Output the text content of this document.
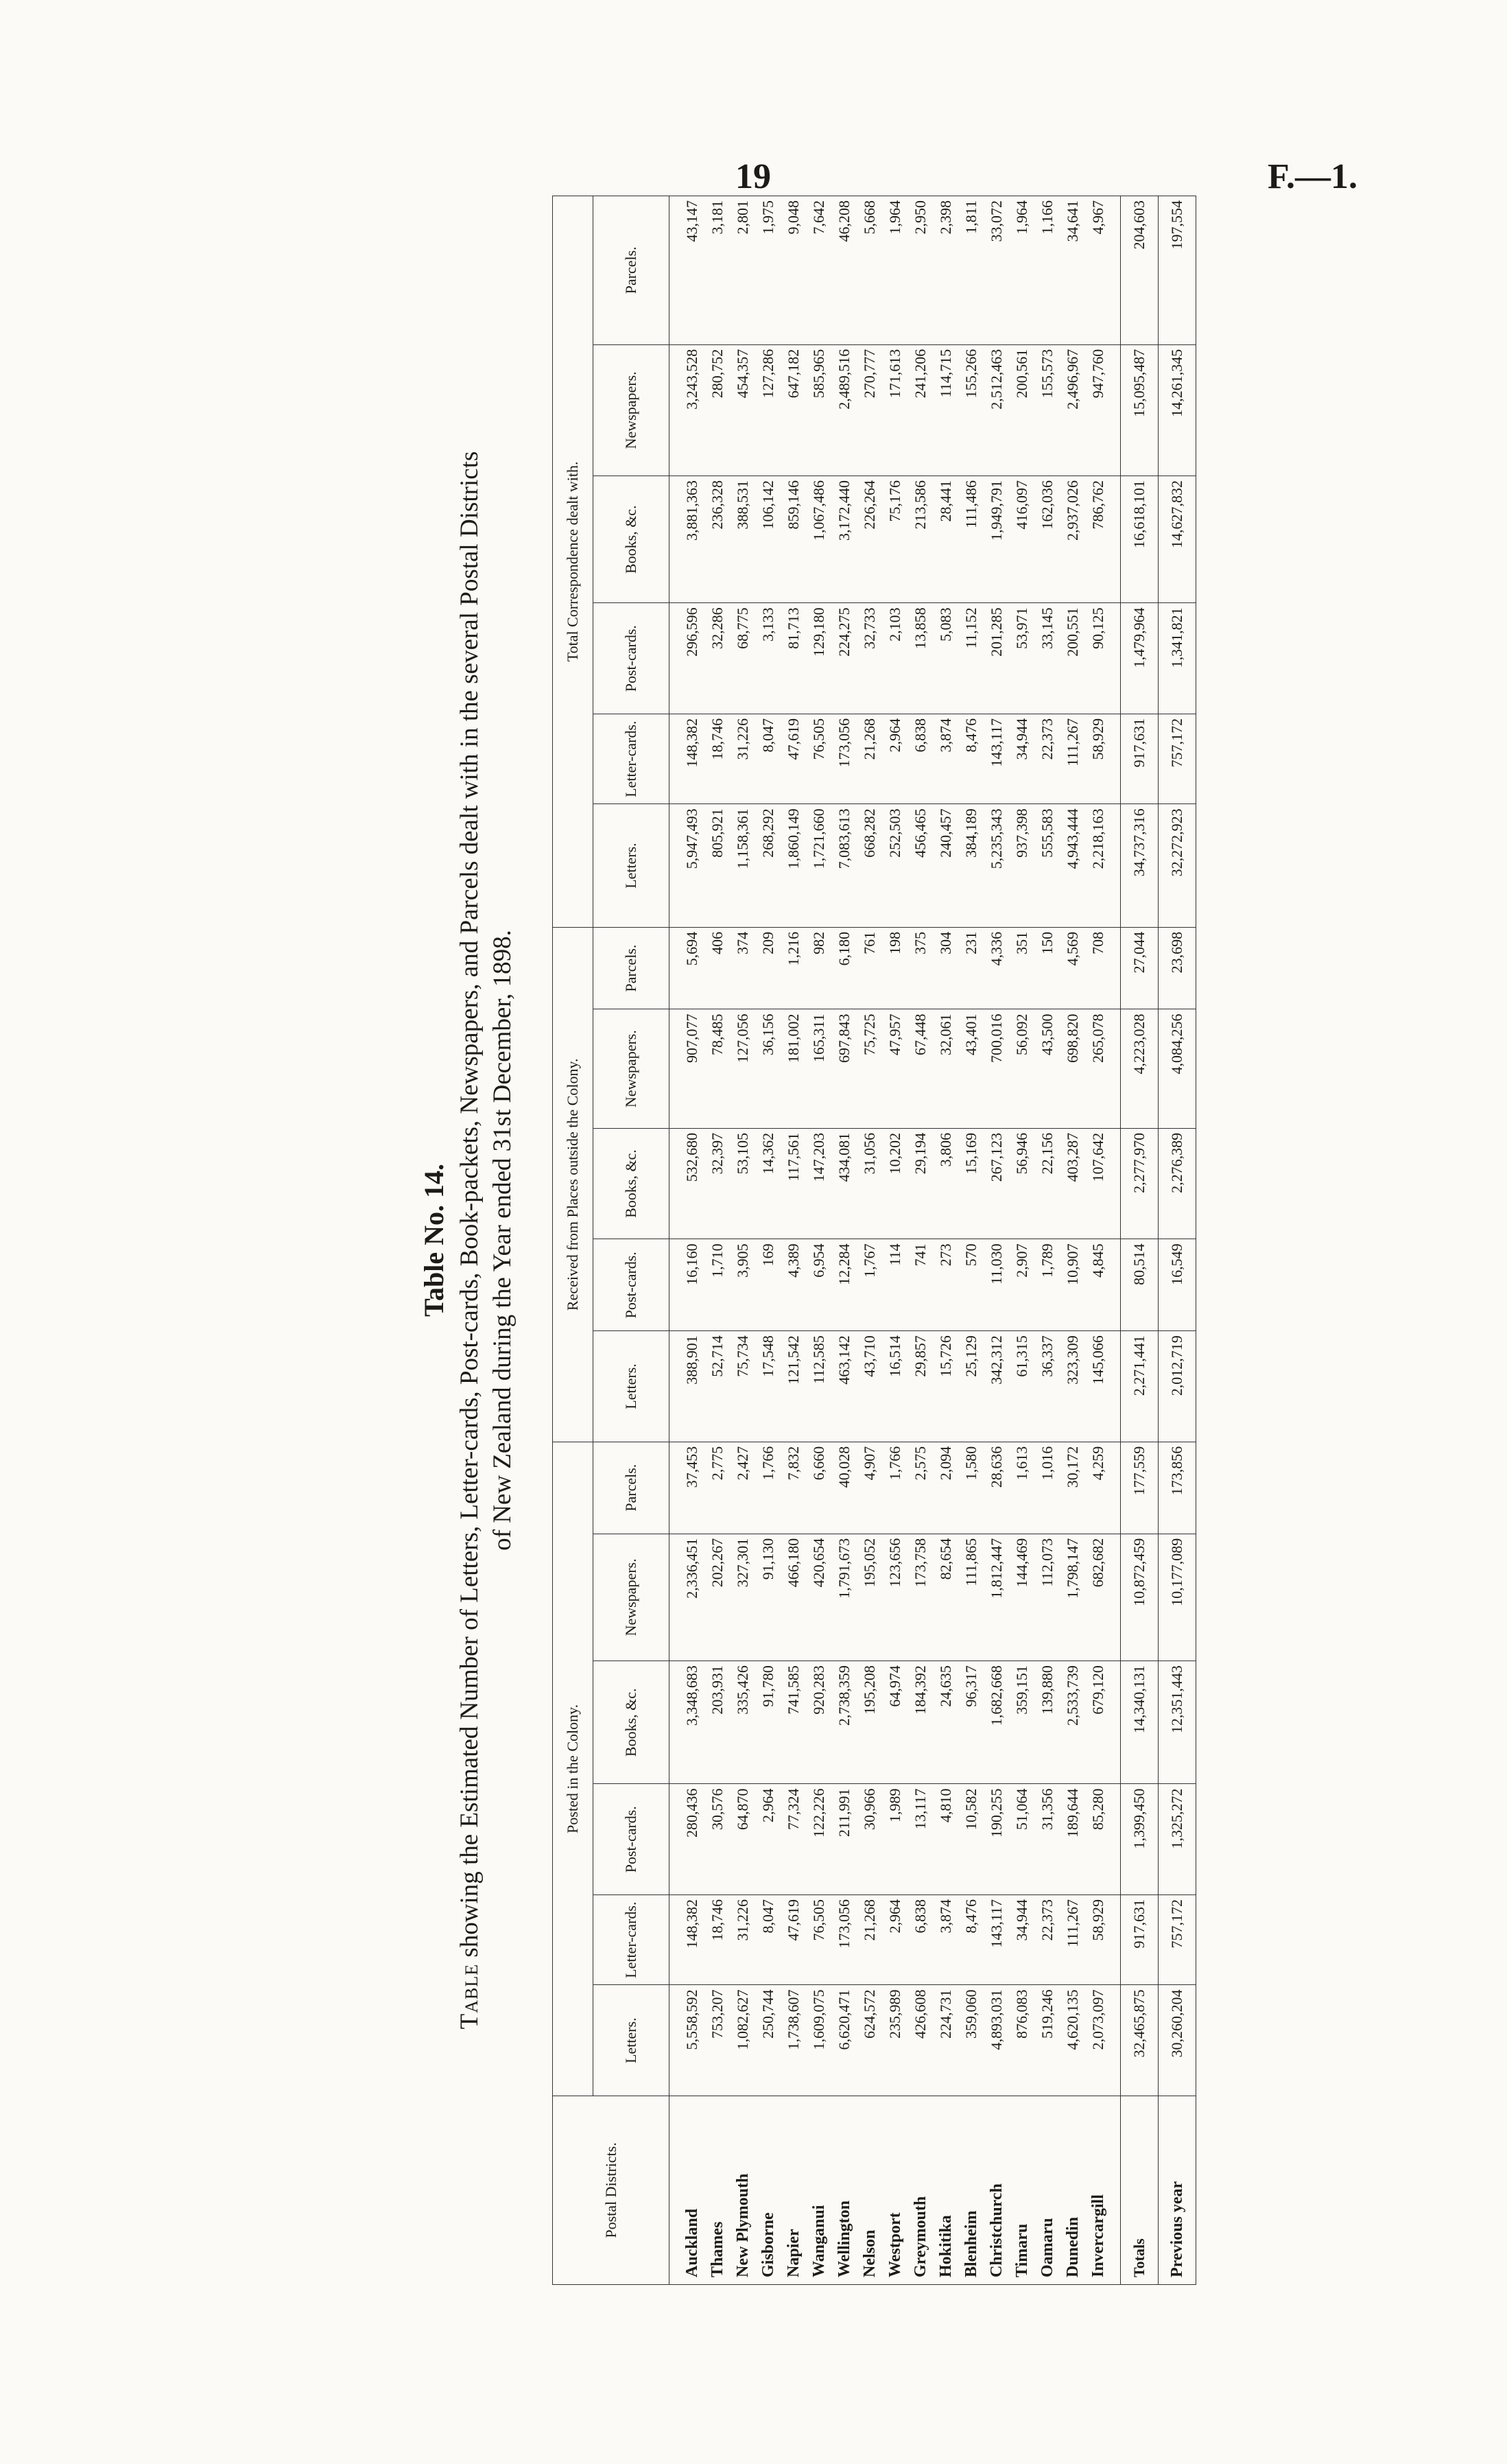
19	F.—1.
Table No. 14.
Table showing the Estimated Number of Letters, Letter-cards, Post-cards, Book-packets, Newspapers, and Parcels dealt with in the several Postal Districts of New Zealand during the Year ended 31st December, 1898.
Postal Districts.	Posted in the Colony.						Received from Places outside the Colony.					Total Correspondence dealt with.					
	Letters.	Letter-cards.	Post-cards.	Books, &c.	Newspapers.	Parcels.	Letters.	Post-cards.	Books, &c.	Newspapers.	Parcels.	Letters.	Letter-cards.	Post-cards.	Books, &c.	Newspapers.	Parcels.
Auckland	5,558,592	148,382	280,436	3,348,683	2,336,451	37,453	388,901	16,160	532,680	907,077	5,694	5,947,493	148,382	296,596	3,881,363	3,243,528	43,147
Thames	753,207	18,746	30,576	203,931	202,267	2,775	52,714	1,710	32,397	78,485	406	805,921	18,746	32,286	236,328	280,752	3,181
New Plymouth	1,082,627	31,226	64,870	335,426	327,301	2,427	75,734	3,905	53,105	127,056	374	1,158,361	31,226	68,775	388,531	454,357	2,801
Gisborne	250,744	8,047	2,964	91,780	91,130	1,766	17,548	169	14,362	36,156	209	268,292	8,047	3,133	106,142	127,286	1,975
Napier	1,738,607	47,619	77,324	741,585	466,180	7,832	121,542	4,389	117,561	181,002	1,216	1,860,149	47,619	81,713	859,146	647,182	9,048
Wanganui	1,609,075	76,505	122,226	920,283	420,654	6,660	112,585	6,954	147,203	165,311	982	1,721,660	76,505	129,180	1,067,486	585,965	7,642
Wellington	6,620,471	173,056	211,991	2,738,359	1,791,673	40,028	463,142	12,284	434,081	697,843	6,180	7,083,613	173,056	224,275	3,172,440	2,489,516	46,208
Nelson	624,572	21,268	30,966	195,208	195,052	4,907	43,710	1,767	31,056	75,725	761	668,282	21,268	32,733	226,264	270,777	5,668
Westport	235,989	2,964	1,989	64,974	123,656	1,766	16,514	114	10,202	47,957	198	252,503	2,964	2,103	75,176	171,613	1,964
Greymouth	426,608	6,838	13,117	184,392	173,758	2,575	29,857	741	29,194	67,448	375	456,465	6,838	13,858	213,586	241,206	2,950
Hokitika	224,731	3,874	4,810	24,635	82,654	2,094	15,726	273	3,806	32,061	304	240,457	3,874	5,083	28,441	114,715	2,398
Blenheim	359,060	8,476	10,582	96,317	111,865	1,580	25,129	570	15,169	43,401	231	384,189	8,476	11,152	111,486	155,266	1,811
Christchurch	4,893,031	143,117	190,255	1,682,668	1,812,447	28,636	342,312	11,030	267,123	700,016	4,336	5,235,343	143,117	201,285	1,949,791	2,512,463	33,072
Timaru	876,083	34,944	51,064	359,151	144,469	1,613	61,315	2,907	56,946	56,092	351	937,398	34,944	53,971	416,097	200,561	1,964
Oamaru	519,246	22,373	31,356	139,880	112,073	1,016	36,337	1,789	22,156	43,500	150	555,583	22,373	33,145	162,036	155,573	1,166
Dunedin	4,620,135	111,267	189,644	2,533,739	1,798,147	30,172	323,309	10,907	403,287	698,820	4,569	4,943,444	111,267	200,551	2,937,026	2,496,967	34,641
Invercargill	2,073,097	58,929	85,280	679,120	682,682	4,259	145,066	4,845	107,642	265,078	708	2,218,163	58,929	90,125	786,762	947,760	4,967
Totals	32,465,875	917,631	1,399,450	14,340,131	10,872,459	177,559	2,271,441	80,514	2,277,970	4,223,028	27,044	34,737,316	917,631	1,479,964	16,618,101	15,095,487	204,603
Previous year	30,260,204	757,172	1,325,272	12,351,443	10,177,089	173,856	2,012,719	16,549	2,276,389	4,084,256	23,698	32,272,923	757,172	1,341,821	14,627,832	14,261,345	197,554
